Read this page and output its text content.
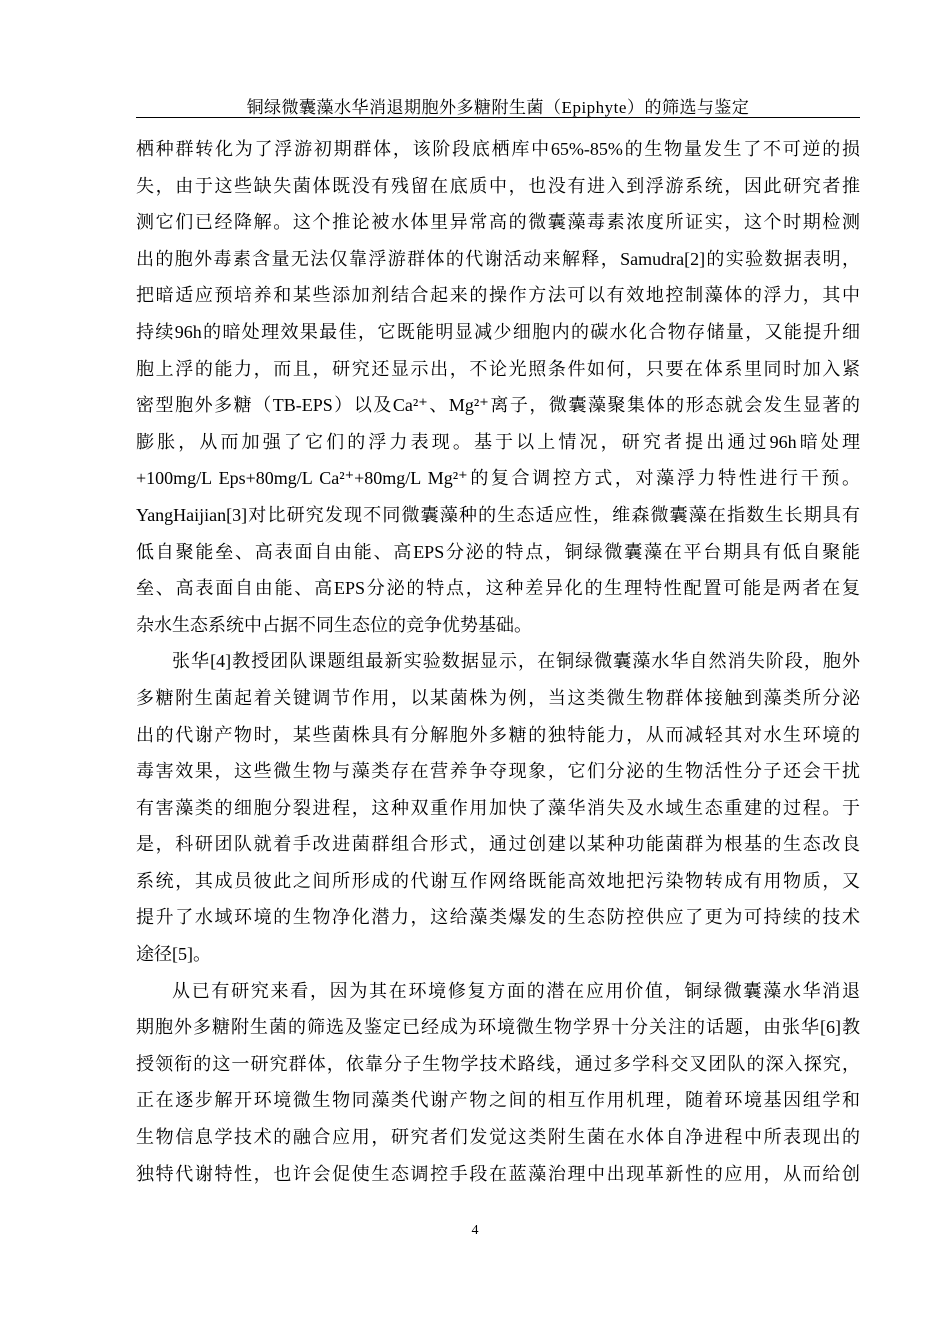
铜绿微囊藻水华消退期胞外多糖附生菌（Epiphyte）的筛选与鉴定
栖种群转化为了浮游初期群体，该阶段底栖库中65%-85%的生物量发生了不可逆的损
失，由于这些缺失菌体既没有残留在底质中，也没有进入到浮游系统，因此研究者推
测它们已经降解。这个推论被水体里异常高的微囊藻毒素浓度所证实，这个时期检测
出的胞外毒素含量无法仅靠浮游群体的代谢活动来解释，Samudra[2]的实验数据表明，
把暗适应预培养和某些添加剂结合起来的操作方法可以有效地控制藻体的浮力，其中
持续96h的暗处理效果最佳，它既能明显减少细胞内的碳水化合物存储量，又能提升细
胞上浮的能力，而且，研究还显示出，不论光照条件如何，只要在体系里同时加入紧
密型胞外多糖（TB-EPS）以及Ca²⁺、Mg²⁺离子，微囊藻聚集体的形态就会发生显著的
膨胀，从而加强了它们的浮力表现。基于以上情况，研究者提出通过96h暗处理
+100mg/L Eps+80mg/L Ca²⁺+80mg/L Mg²⁺的复合调控方式，对藻浮力特性进行干预。
YangHaijian[3]对比研究发现不同微囊藻种的生态适应性，维森微囊藻在指数生长期具有
低自聚能垒、高表面自由能、高EPS分泌的特点，铜绿微囊藻在平台期具有低自聚能
垒、高表面自由能、高EPS分泌的特点，这种差异化的生理特性配置可能是两者在复
杂水生态系统中占据不同生态位的竞争优势基础。
张华[4]教授团队课题组最新实验数据显示，在铜绿微囊藻水华自然消失阶段，胞外
多糖附生菌起着关键调节作用，以某菌株为例，当这类微生物群体接触到藻类所分泌
出的代谢产物时，某些菌株具有分解胞外多糖的独特能力，从而减轻其对水生环境的
毒害效果，这些微生物与藻类存在营养争夺现象，它们分泌的生物活性分子还会干扰
有害藻类的细胞分裂进程，这种双重作用加快了藻华消失及水域生态重建的过程。于
是，科研团队就着手改进菌群组合形式，通过创建以某种功能菌群为根基的生态改良
系统，其成员彼此之间所形成的代谢互作网络既能高效地把污染物转成有用物质，又
提升了水域环境的生物净化潜力，这给藻类爆发的生态防控供应了更为可持续的技术
途径[5]。
从已有研究来看，因为其在环境修复方面的潜在应用价值，铜绿微囊藻水华消退
期胞外多糖附生菌的筛选及鉴定已经成为环境微生物学界十分关注的话题，由张华[6]教
授领衔的这一研究群体，依靠分子生物学技术路线，通过多学科交叉团队的深入探究，
正在逐步解开环境微生物同藻类代谢产物之间的相互作用机理，随着环境基因组学和
生物信息学技术的融合应用，研究者们发觉这类附生菌在水体自净进程中所表现出的
独特代谢特性，也许会促使生态调控手段在蓝藻治理中出现革新性的应用，从而给创
4
